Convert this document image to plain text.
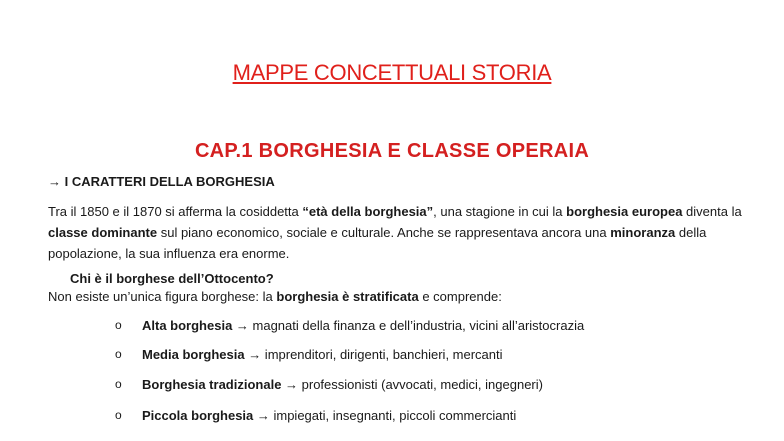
MAPPE CONCETTUALI STORIA
CAP.1 BORGHESIA E CLASSE OPERAIA
→ I CARATTERI DELLA BORGHESIA
Tra il 1850 e il 1870 si afferma la cosiddetta “età della borghesia”, una stagione in cui la borghesia europea diventa la classe dominante sul piano economico, sociale e culturale. Anche se rappresentava ancora una minoranza della popolazione, la sua influenza era enorme.
Chi è il borghese dell’Ottocento?
Non esiste un’unica figura borghese: la borghesia è stratificata e comprende:
o Alta borghesia → magnati della finanza e dell’industria, vicini all’aristocrazia
o Media borghesia → imprenditori, dirigenti, banchieri, mercanti
o Borghesia tradizionale → professionisti (avvocati, medici, ingegneri)
o Piccola borghesia → impiegati, insegnanti, piccoli commercianti
